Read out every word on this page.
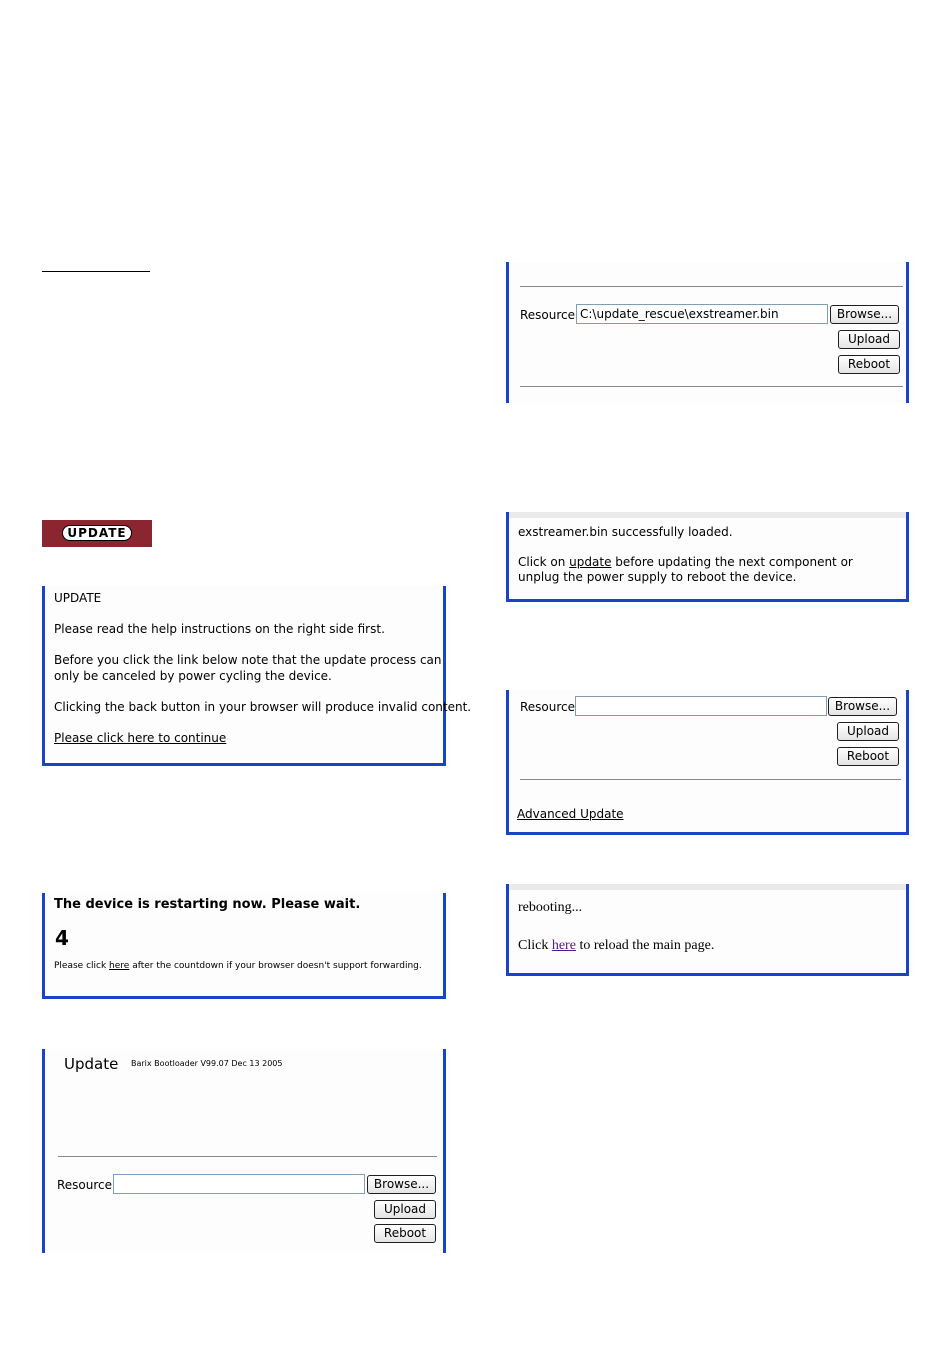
UPDATE
UPDATE
Please read the help instructions on the right side first.
Before you click the link below note that the update process can
only be canceled by power cycling the device.
Clicking the back button in your browser will produce invalid content.
Please click here to continue
The device is restarting now. Please wait.
4
Please click here after the countdown if your browser doesn't support forwarding.
Update Barix Bootloader V99.07 Dec 13 2005
Resource	Browse...
Upload
Reboot
Resource
C:\update_rescue\exstreamer.bin	Browse...
Upload
Reboot
exstreamer.bin successfully loaded.
Click on update before updating the next component or
unplug the power supply to reboot the device.
Resource	Browse...
Upload
Reboot
Advanced Update
rebooting...
Click here to reload the main page.
